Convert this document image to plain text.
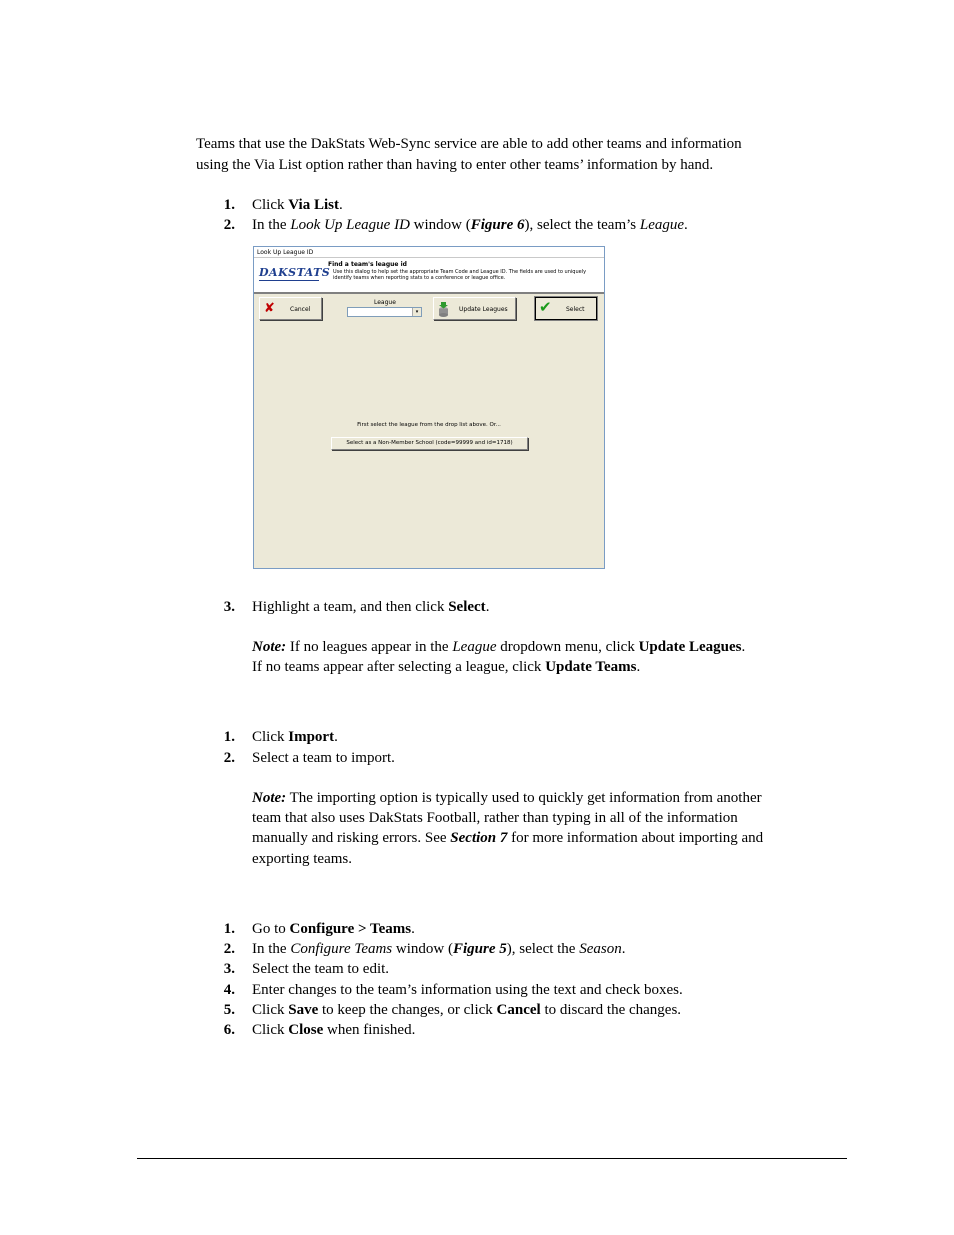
Teams that use the DakStats Web-Sync service are able to add other teams and information
using the Via List option rather than having to enter other teams’ information by hand.
1. Click Via List.
2. In the Look Up League ID window (Figure 6), select the team’s League.
Look Up League ID
DAKSTATS
Find a team's league id
Use this dialog to help set the appropriate Team Code and League ID. The fields are used to uniquely identify teams when reporting stats to a conference or league office.
✘	Cancel
League
▾	Update Leagues ✔ Select
First select the league from the drop list above. Or...
Select as a Non-Member School (code=99999 and id=1718)
3. Highlight a team, and then click Select.
Note: If no leagues appear in the League dropdown menu, click Update Leagues.
If no teams appear after selecting a league, click Update Teams.
1. Click Import.
2. Select a team to import.
Note: The importing option is typically used to quickly get information from another
team that also uses DakStats Football, rather than typing in all of the information
manually and risking errors. See Section 7 for more information about importing and
exporting teams.
1. Go to Configure > Teams.
2. In the Configure Teams window (Figure 5), select the Season.
3. Select the team to edit.
4. Enter changes to the team’s information using the text and check boxes.
5. Click Save to keep the changes, or click Cancel to discard the changes.
6. Click Close when finished.
